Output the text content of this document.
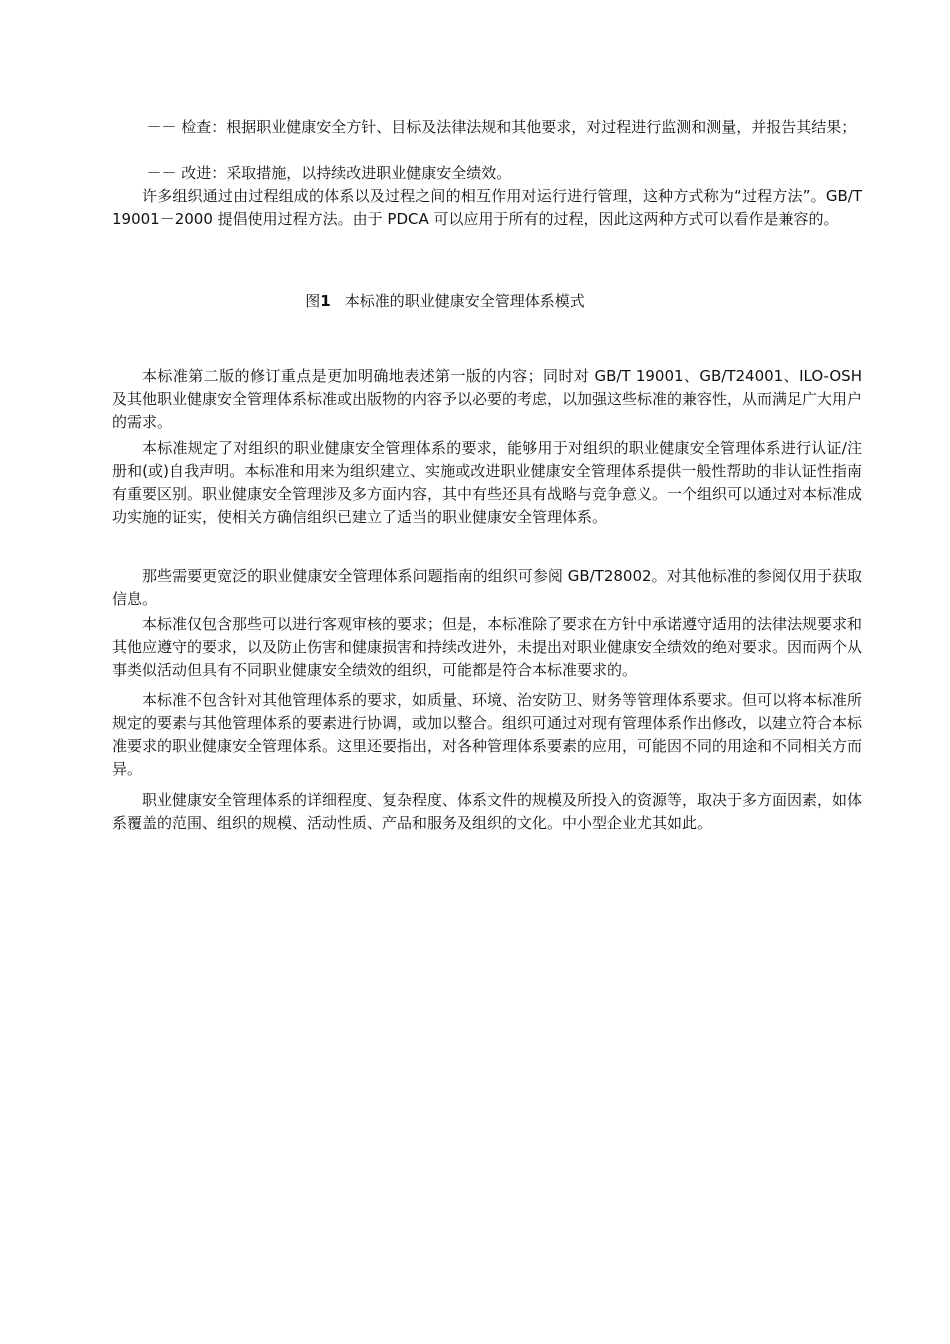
－－ 检查：根据职业健康安全方针、目标及法律法规和其他要求，对过程进行监测和测量，并报告其结果；

－－ 改进：采取措施，以持续改进职业健康安全绩效。

许多组织通过由过程组成的体系以及过程之间的相互作用对运行进行管理，这种方式称为“过程方法”。GB/T 19001－2000 提倡使用过程方法。由于 PDCA 可以应用于所有的过程，因此这两种方式可以看作是兼容的。

图1 本标准的职业健康安全管理体系模式

本标准第二版的修订重点是更加明确地表述第一版的内容；同时对 GB/T 19001、GB/T24001、ILO-OSH 及其他职业健康安全管理体系标准或出版物的内容予以必要的考虑，以加强这些标准的兼容性，从而满足广大用户的需求。

本标准规定了对组织的职业健康安全管理体系的要求，能够用于对组织的职业健康安全管理体系进行认证/注册和(或)自我声明。本标准和用来为组织建立、实施或改进职业健康安全管理体系提供一般性帮助的非认证性指南有重要区别。职业健康安全管理涉及多方面内容，其中有些还具有战略与竞争意义。一个组织可以通过对本标准成功实施的证实，使相关方确信组织已建立了适当的职业健康安全管理体系。

那些需要更宽泛的职业健康安全管理体系问题指南的组织可参阅 GB/T28002。对其他标准的参阅仅用于获取信息。

本标准仅包含那些可以进行客观审核的要求；但是，本标准除了要求在方针中承诺遵守适用的法律法规要求和其他应遵守的要求，以及防止伤害和健康损害和持续改进外，未提出对职业健康安全绩效的绝对要求。因而两个从事类似活动但具有不同职业健康安全绩效的组织，可能都是符合本标准要求的。

本标准不包含针对其他管理体系的要求，如质量、环境、治安防卫、财务等管理体系要求。但可以将本标准所规定的要素与其他管理体系的要素进行协调，或加以整合。组织可通过对现有管理体系作出修改，以建立符合本标准要求的职业健康安全管理体系。这里还要指出，对各种管理体系要素的应用，可能因不同的用途和不同相关方而异。

职业健康安全管理体系的详细程度、复杂程度、体系文件的规模及所投入的资源等，取决于多方面因素，如体系覆盖的范围、组织的规模、活动性质、产品和服务及组织的文化。中小型企业尤其如此。
